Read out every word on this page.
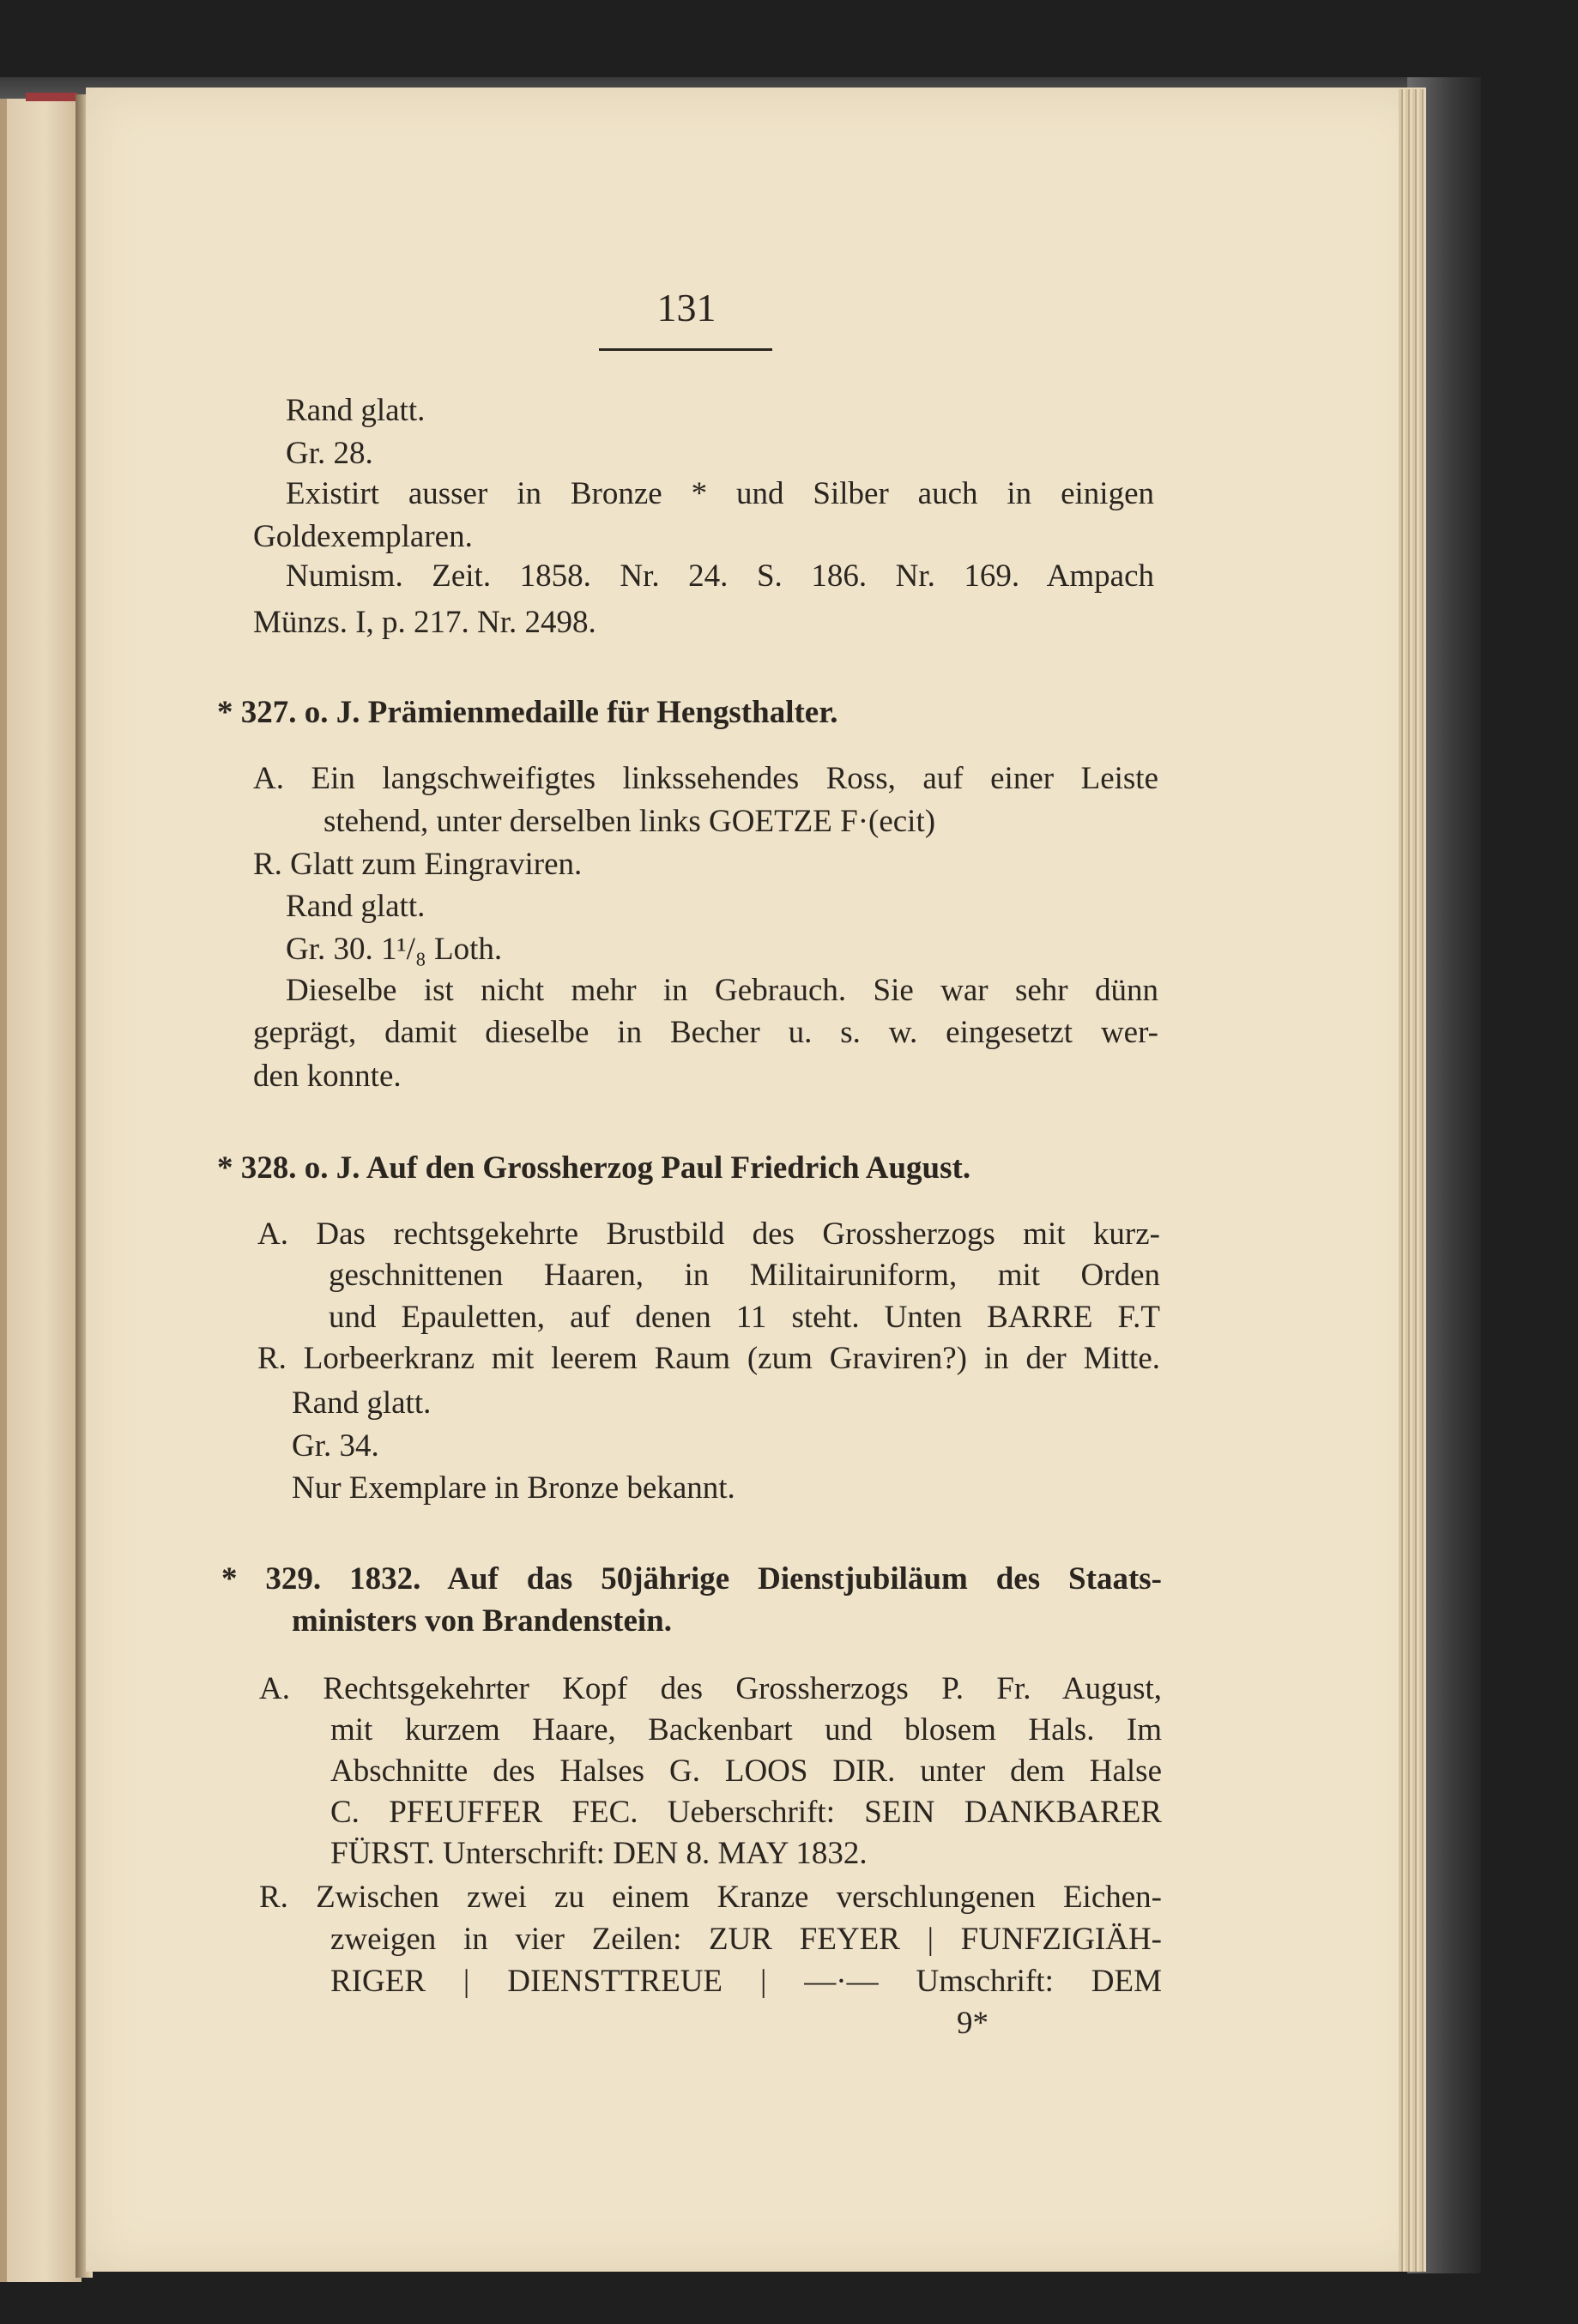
131
Rand glatt.
Gr. 28.
Existirt ausser in Bronze * und Silber auch in einigen
Goldexemplaren.
Numism. Zeit. 1858. Nr. 24. S. 186. Nr. 169. Ampach
Münzs. I, p. 217. Nr. 2498.
* 327. o. J. Prämienmedaille für Hengsthalter.
A. Ein langschweifigtes linkssehendes Ross, auf einer Leiste
stehend, unter derselben links GOETZE F·(ecit)
R. Glatt zum Eingraviren.
Rand glatt.
Gr. 30. 1¹/₈ Loth.
Dieselbe ist nicht mehr in Gebrauch. Sie war sehr dünn
geprägt, damit dieselbe in Becher u. s. w. eingesetzt wer-
den konnte.
* 328. o. J. Auf den Grossherzog Paul Friedrich August.
A. Das rechtsgekehrte Brustbild des Grossherzogs mit kurz-
geschnittenen Haaren, in Militairuniform, mit Orden
und Epauletten, auf denen 11 steht. Unten BARRE F.T
R. Lorbeerkranz mit leerem Raum (zum Graviren?) in der Mitte.
Rand glatt.
Gr. 34.
Nur Exemplare in Bronze bekannt.
* 329. 1832. Auf das 50jährige Dienstjubiläum des Staats-
ministers von Brandenstein.
A. Rechtsgekehrter Kopf des Grossherzogs P. Fr. August,
mit kurzem Haare, Backenbart und blosem Hals. Im
Abschnitte des Halses G. LOOS DIR. unter dem Halse
C. PFEUFFER FEC. Ueberschrift: SEIN DANKBARER
FÜRST. Unterschrift: DEN 8. MAY 1832.
R. Zwischen zwei zu einem Kranze verschlungenen Eichen-
zweigen in vier Zeilen: ZUR FEYER | FUNFZIGIÄH-
RIGER | DIENSTTREUE | —·— Umschrift: DEM
9*
